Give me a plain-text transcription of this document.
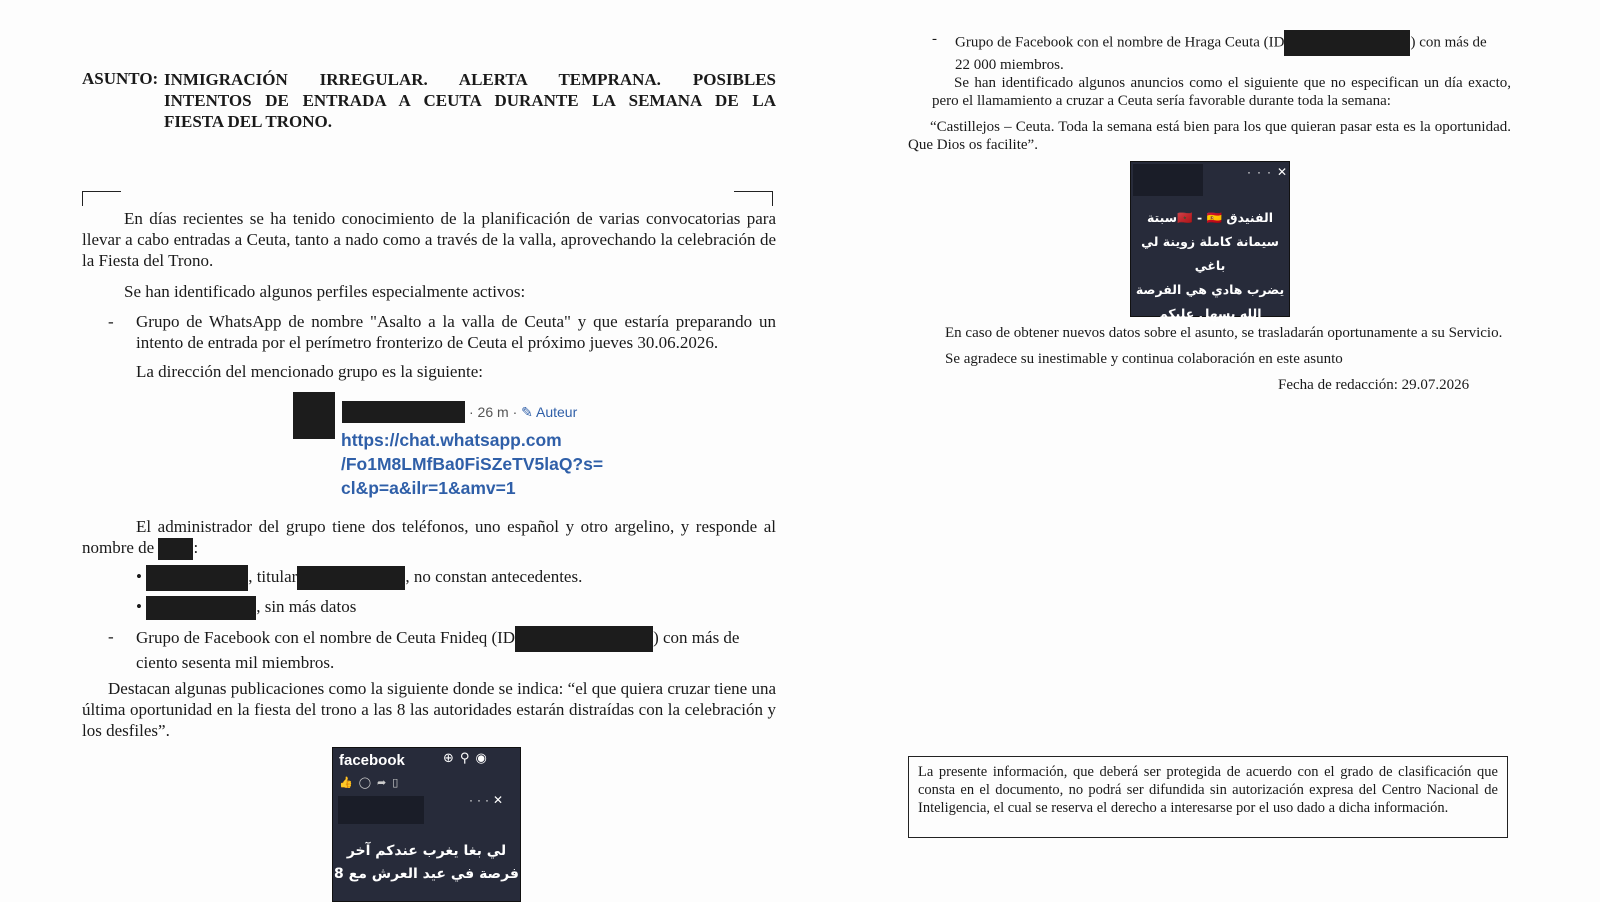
ASUNTO: INMIGRACIÓN IRREGULAR. ALERTA TEMPRANA. POSIBLES
INTENTOS DE ENTRADA A CEUTA DURANTE LA SEMANA DE LA
FIESTA DEL TRONO.
En días recientes se ha tenido conocimiento de la planificación de varias convocatorias para llevar a cabo entradas a Ceuta, tanto a nado como a través de la valla, aprovechando la celebración de la Fiesta del Trono.
Se han identificado algunos perfiles especialmente activos:
- Grupo de WhatsApp de nombre "Asalto a la valla de Ceuta" y que estaría preparando un intento de entrada por el perímetro fronterizo de Ceuta el próximo jueves 30.06.2026.
La dirección del mencionado grupo es la siguiente:
· 26 m · ✎ Auteur
https://chat.whatsapp.com
/Fo1M8LMfBa0FiSZeTV5laQ?s=
cl&p=a&ilr=1&amv=1
El administrador del grupo tiene dos teléfonos, uno español y otro argelino, y responde al
nombre de :
•	, titular	, no constan antecedentes.
•	, sin más datos
- Grupo de Facebook con el nombre de Ceuta Fnideq (ID	) con más de
ciento sesenta mil miembros.
Destacan algunas publicaciones como la siguiente donde se indica: “el que quiera cruzar tiene una última oportunidad en la fiesta del trono a las 8 las autoridades estarán distraídas con la celebración y los desfiles”.
facebook	⊕⚲◉
👍◯➦▯
···✕
لي بغا يغرب عندكم آخر
فرصة في عيد العرش مع 8
- Grupo de Facebook con el nombre de Hraga Ceuta (ID	) con más de
22 000 miembros.
Se han identificado algunos anuncios como el siguiente que no especifican un día exacto, pero el llamamiento a cruzar a Ceuta sería favorable durante toda la semana:
“Castillejos – Ceuta. Toda la semana está bien para los que quieran pasar esta es la oportunidad. Que Dios os facilite”.
···✕
الفنيدق 🇲🇦 - 🇪🇸سبتة
سيمانة كاملة زوينة لي باغي
يضرب هادي هي الفرصة
الله يسهل عليكم
En caso de obtener nuevos datos sobre el asunto, se trasladarán oportunamente a su Servicio.
Se agradece su inestimable y continua colaboración en este asunto
Fecha de redacción: 29.07.2026
La presente información, que deberá ser protegida de acuerdo con el grado de clasificación que consta en el documento, no podrá ser difundida sin autorización expresa del Centro Nacional de Inteligencia, el cual se reserva el derecho a interesarse por el uso dado a dicha información.
